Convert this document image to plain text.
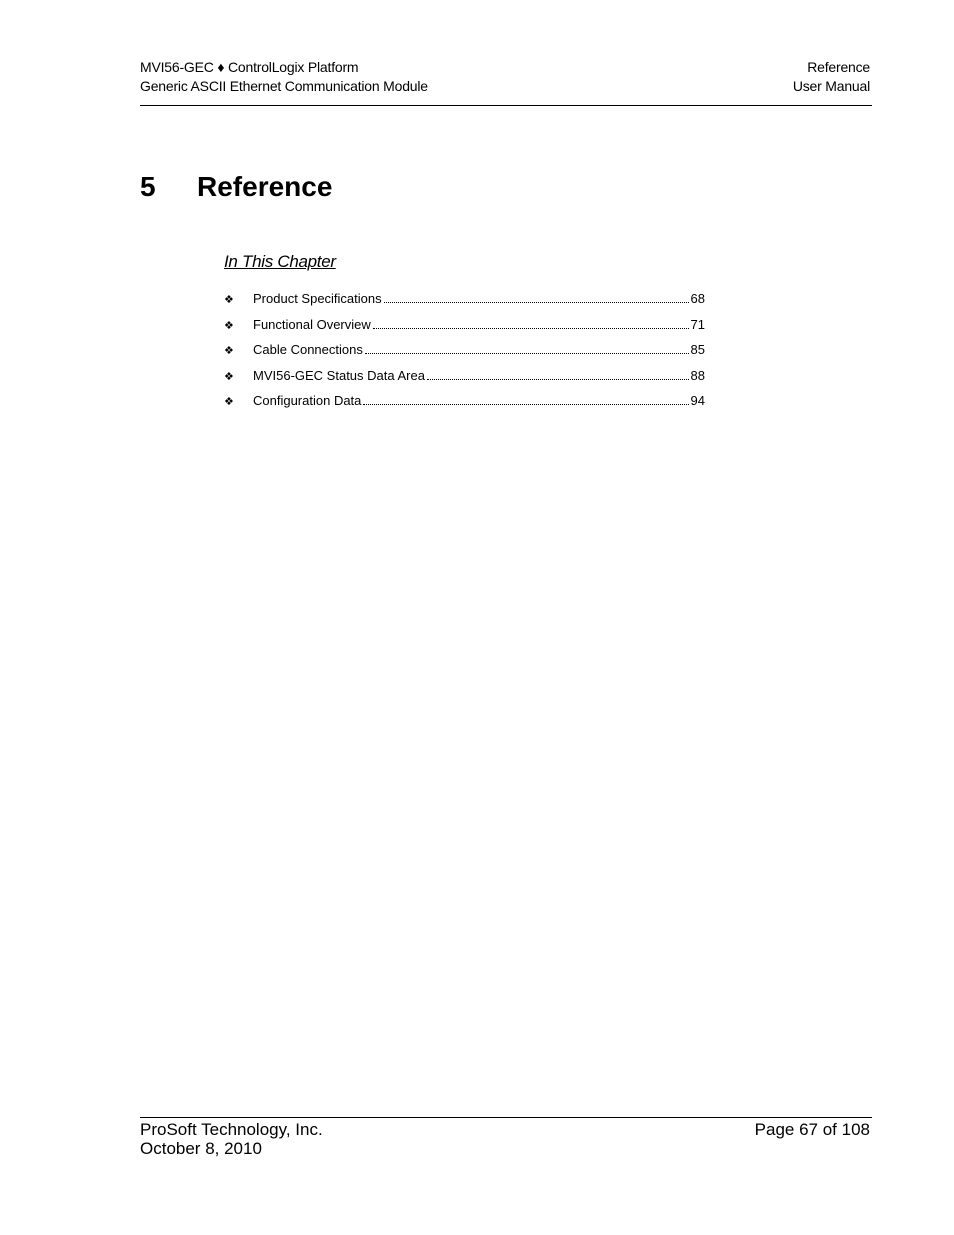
MVI56-GEC ♦ ControlLogix Platform
Generic ASCII Ethernet Communication Module
Reference
User Manual
5 Reference
In This Chapter
❖	Product Specifications	68
❖	Functional Overview	71
❖	Cable Connections	85
❖	MVI56-GEC Status Data Area	88
❖	Configuration Data	94
ProSoft Technology, Inc.
October 8, 2010
Page 67 of 108
